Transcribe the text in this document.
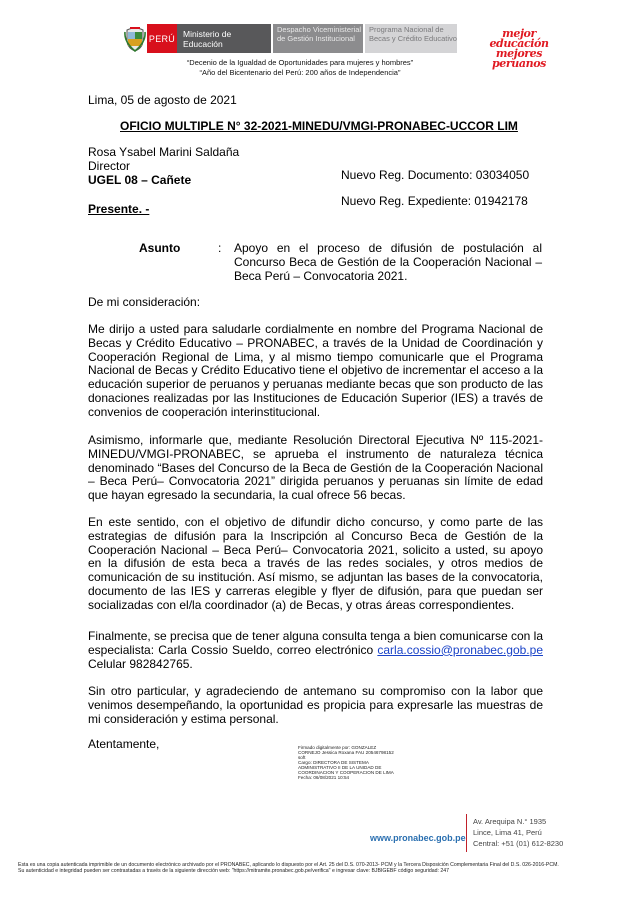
PERÚ Ministerio de Educación
Despacho Viceministerial de Gestión Institucional
Programa Nacional de Becas y Crédito Educativo
“Decenio de la Igualdad de Oportunidades para mujeres y hombres”
“Año del Bicentenario del Perú: 200 años de Independencia”
mejor educación mejores peruanos
Lima, 05 de agosto de 2021
OFICIO MULTIPLE N° 32-2021-MINEDU/VMGI-PRONABEC-UCCOR LIM
Rosa Ysabel Marini Saldaña
Director
UGEL 08 – Cañete	Nuevo Reg. Documento: 03034050
Nuevo Reg. Expediente: 01942178
Presente. -
Asunto	: Apoyo en el proceso de difusión de postulación al Concurso Beca de Gestión de la Cooperación Nacional – Beca Perú – Convocatoria 2021.
De mi consideración:
Me dirijo a usted para saludarle cordialmente en nombre del Programa Nacional de Becas y Crédito Educativo – PRONABEC, a través de la Unidad de Coordinación y Cooperación Regional de Lima, y al mismo tiempo comunicarle que el Programa Nacional de Becas y Crédito Educativo tiene el objetivo de incrementar el acceso a la educación superior de peruanos y peruanas mediante becas que son producto de las donaciones realizadas por las Instituciones de Educación Superior (IES) a través de convenios de cooperación interinstitucional.
Asimismo, informarle que, mediante Resolución Directoral Ejecutiva Nº 115-2021-MINEDU/VMGI-PRONABEC, se aprueba el instrumento de naturaleza técnica denominado “Bases del Concurso de la Beca de Gestión de la Cooperación Nacional – Beca Perú– Convocatoria 2021” dirigida peruanos y peruanas sin límite de edad que hayan egresado la secundaria, la cual ofrece 56 becas.
En este sentido, con el objetivo de difundir dicho concurso, y como parte de las estrategias de difusión para la Inscripción al Concurso Beca de Gestión de la Cooperación Nacional – Beca Perú– Convocatoria 2021, solicito a usted, su apoyo en la difusión de esta beca a través de las redes sociales, y otros medios de comunicación de su institución. Así mismo, se adjuntan las bases de la convocatoria, documento de las IES y carreras elegible y flyer de difusión, para que puedan ser socializadas con el/la coordinador (a) de Becas, y otras áreas correspondientes.
Finalmente, se precisa que de tener alguna consulta tenga a bien comunicarse con la especialista: Carla Cossio Sueldo, correo electrónico carla.cossio@pronabec.gob.pe Celular 982842765.
Sin otro particular, y agradeciendo de antemano su compromiso con la labor que venimos desempeñando, la oportunidad es propicia para expresarle las muestras de mi consideración y estima personal.
Atentamente,	Firmado digitalmente por: GONZALEZ CORNEJO Jessica Roxana FAU 20546798152 soft
Cargo: DIRECTORA DE SISTEMA ADMINISTRATIVO II DE LA UNIDAD DE COORDINACION Y COOPERACION DE LIMA
Fecha: 06/08/2021 10:54
www.pronabec.gob.pe
Av. Arequipa N.° 1935
Lince, Lima 41, Perú
Central: +51 (01) 612-8230
Esta es una copia autenticada imprimible de un documento electrónico archivado por el PRONABEC, aplicando lo dispuesto por el Art. 25 del D.S. 070-2013- PCM y la Tercera Disposición Complementaria Final del D.S. 026-2016-PCM.
Su autenticidad e integridad pueden ser contrastadas a través de la siguiente dirección web: "https://mitramite.pronabec.gob.pe/verifica" e ingresar clave: BJBIGEBF código seguridad: 247
